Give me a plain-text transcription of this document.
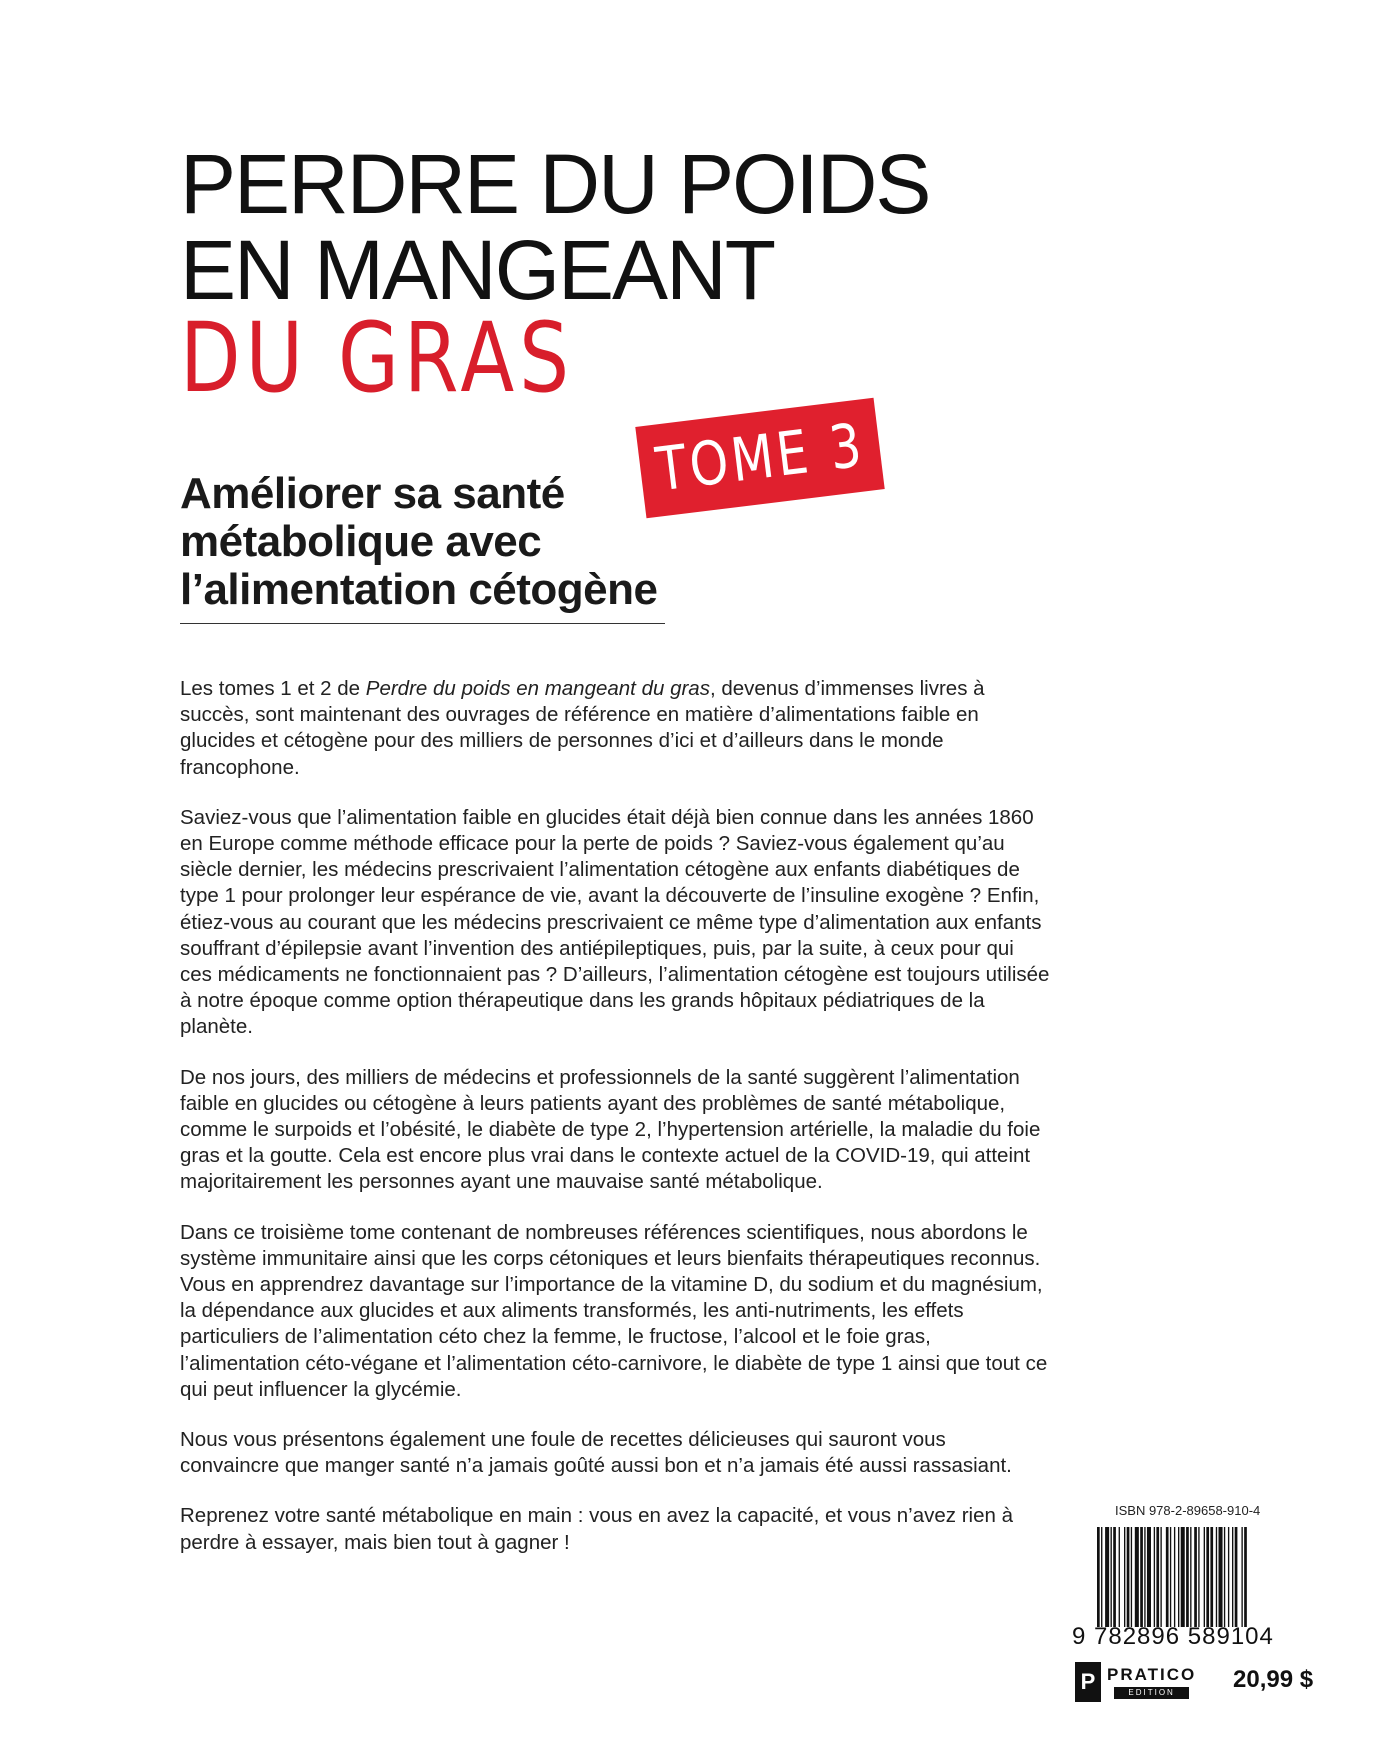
PERDRE DU POIDS
EN MANGEANT
DU GRAS
TOME 3
Améliorer sa santé
métabolique avec
l’alimentation cétogène

Les tomes 1 et 2 de Perdre du poids en mangeant du gras, devenus d’immenses livres à succès, sont maintenant des ouvrages de référence en matière d’alimentations faible en glucides et cétogène pour des milliers de personnes d’ici et d’ailleurs dans le monde francophone.

Saviez-vous que l’alimentation faible en glucides était déjà bien connue dans les années 1860 en Europe comme méthode efficace pour la perte de poids ? Saviez-vous également qu’au siècle dernier, les médecins prescrivaient l’alimentation cétogène aux enfants diabétiques de type 1 pour prolonger leur espérance de vie, avant la découverte de l’insuline exogène ? Enfin, étiez-vous au courant que les médecins prescrivaient ce même type d’alimentation aux enfants souffrant d’épilepsie avant l’invention des antiépileptiques, puis, par la suite, à ceux pour qui ces médicaments ne fonctionnaient pas ? D’ailleurs, l’alimentation cétogène est toujours utilisée à notre époque comme option thérapeutique dans les grands hôpitaux pédiatriques de la planète.

De nos jours, des milliers de médecins et professionnels de la santé suggèrent l’alimentation faible en glucides ou cétogène à leurs patients ayant des problèmes de santé métabolique, comme le surpoids et l’obésité, le diabète de type 2, l’hypertension artérielle, la maladie du foie gras et la goutte. Cela est encore plus vrai dans le contexte actuel de la COVID-19, qui atteint majoritairement les personnes ayant une mauvaise santé métabolique.

Dans ce troisième tome contenant de nombreuses références scientifiques, nous abordons le système immunitaire ainsi que les corps cétoniques et leurs bienfaits thérapeutiques reconnus. Vous en apprendrez davantage sur l’importance de la vitamine D, du sodium et du magnésium, la dépendance aux glucides et aux aliments transformés, les anti-nutriments, les effets particuliers de l’alimentation céto chez la femme, le fructose, l’alcool et le foie gras, l’alimentation céto-végane et l’alimentation céto-carnivore, le diabète de type 1 ainsi que tout ce qui peut influencer la glycémie.

Nous vous présentons également une foule de recettes délicieuses qui sauront vous convaincre que manger santé n’a jamais goûté aussi bon et n’a jamais été aussi rassasiant.

Reprenez votre santé métabolique en main : vous en avez la capacité, et vous n’avez rien à perdre à essayer, mais bien tout à gagner !

ISBN 978-2-89658-910-4
9 782896 589104
P PRATICO
EDITION	20,99 $
